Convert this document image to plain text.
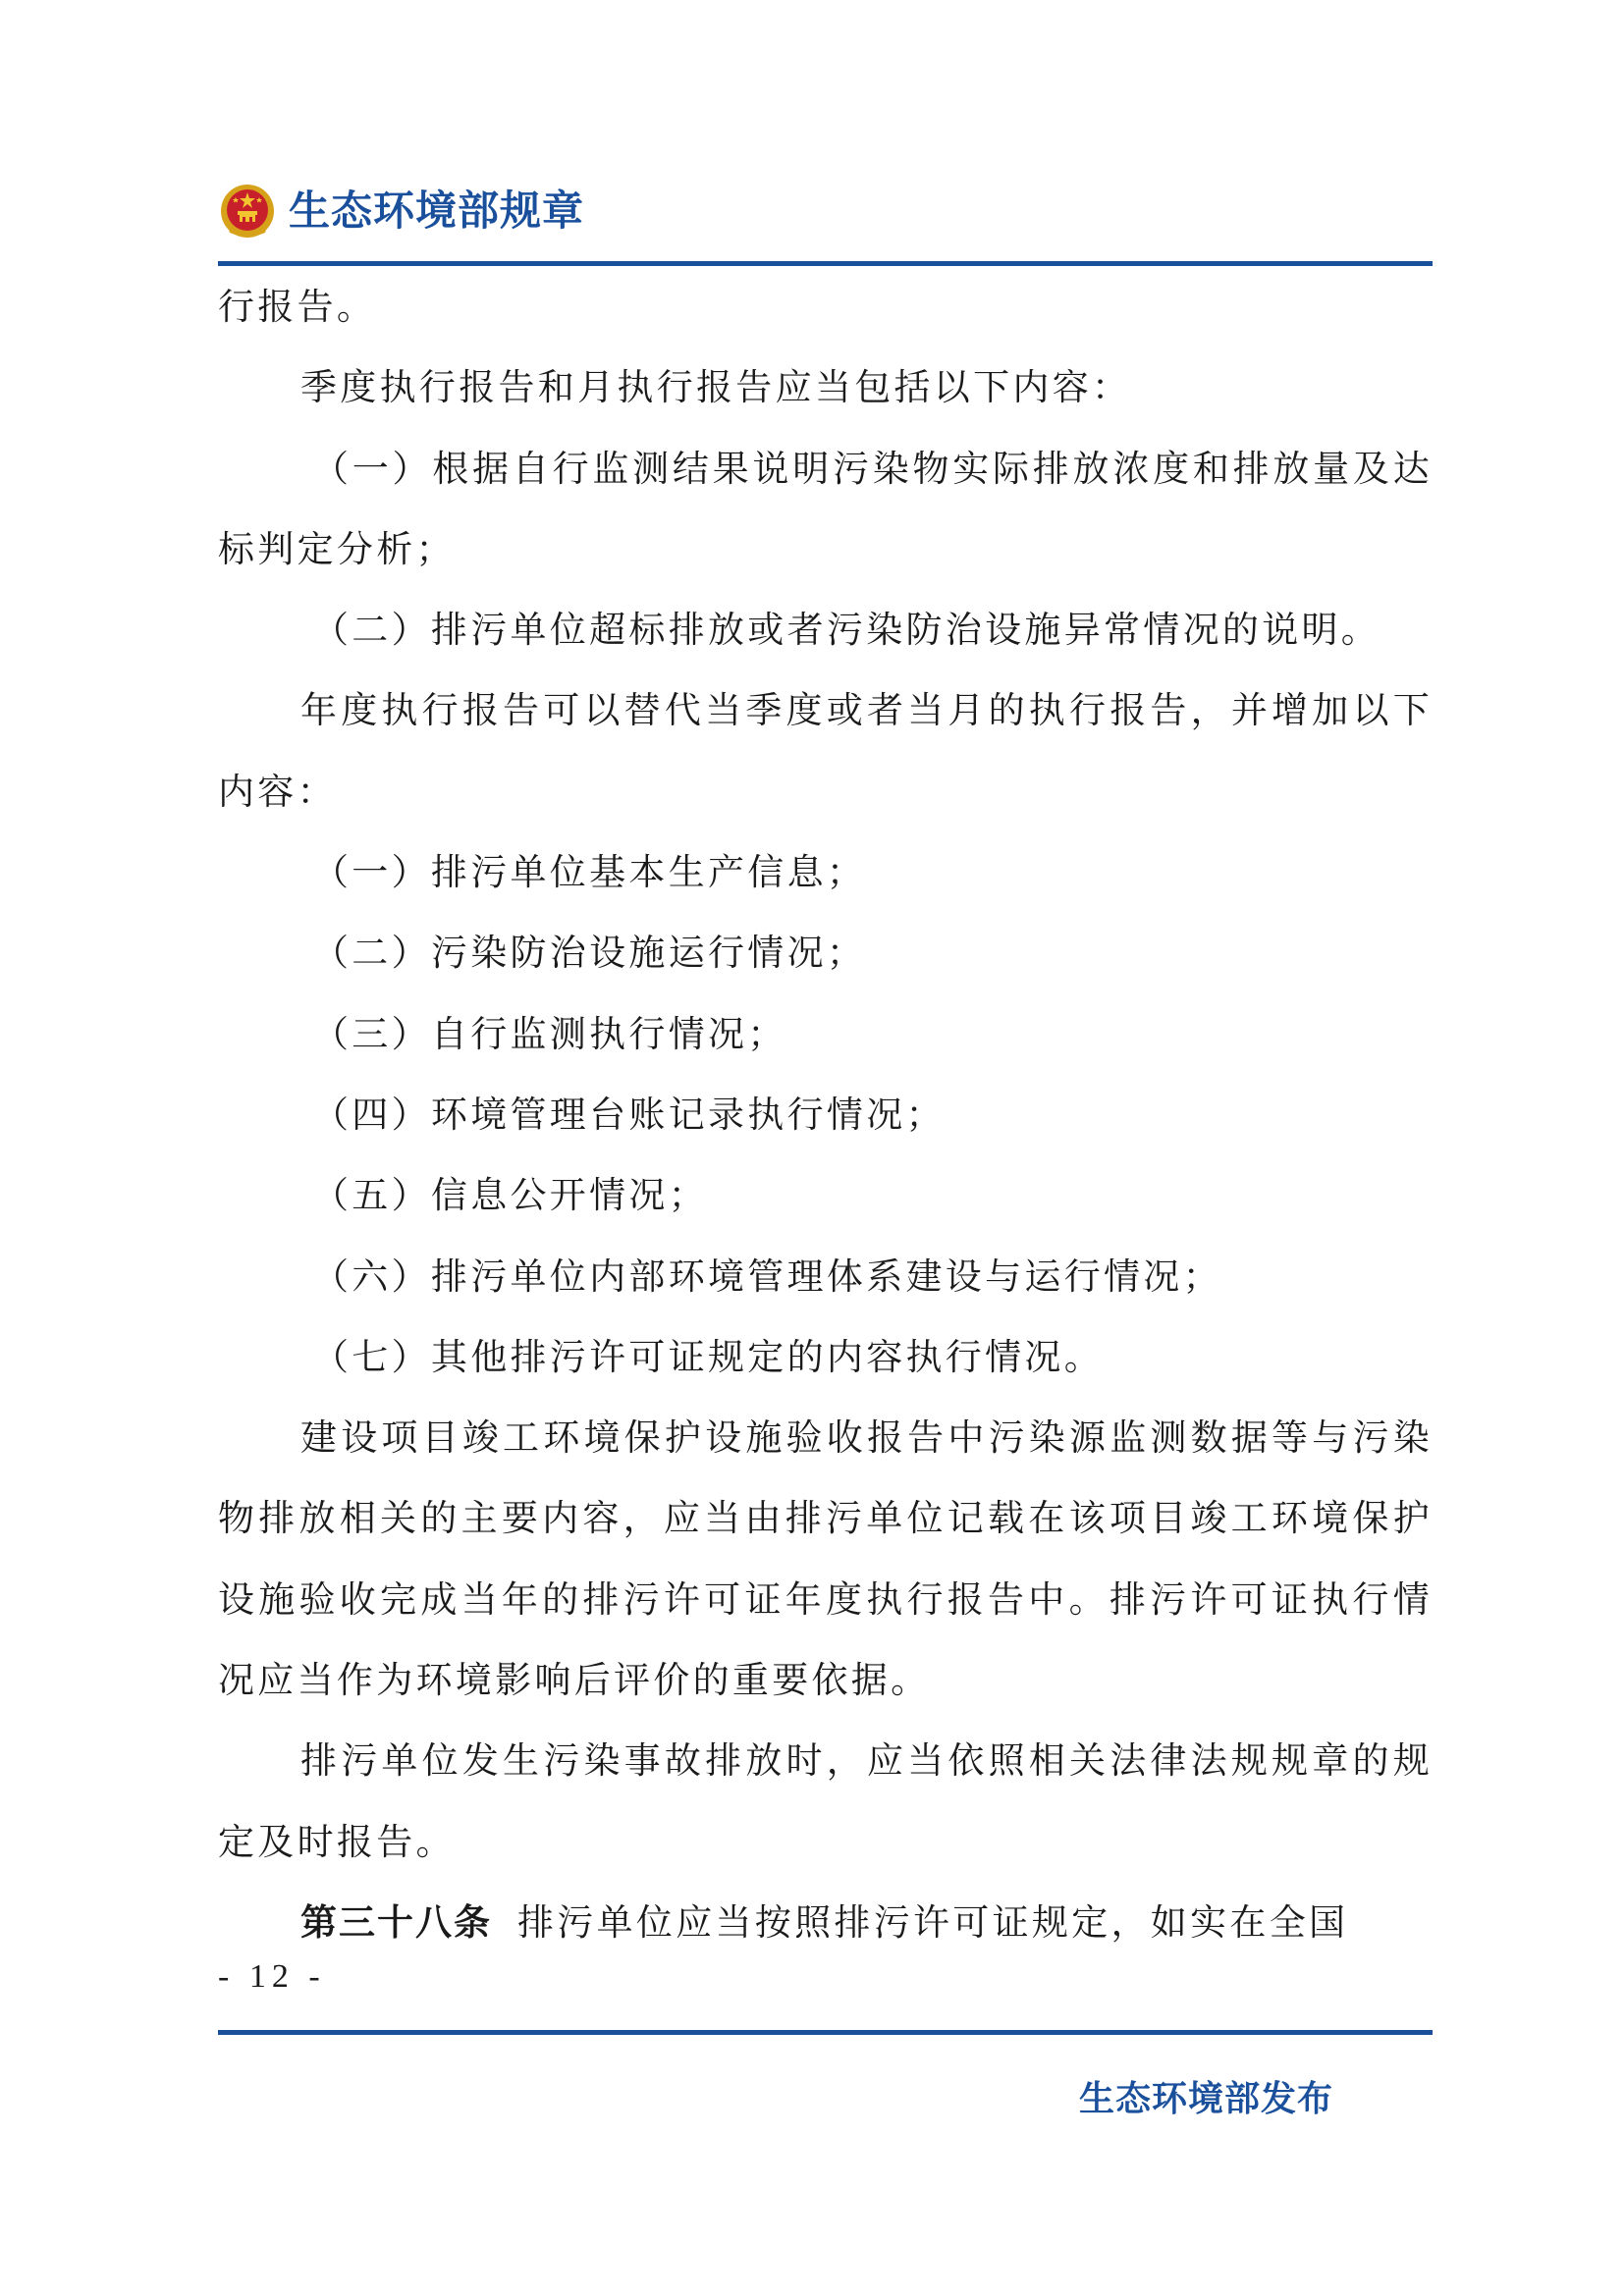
生态环境部规章

行报告。

季度执行报告和月执行报告应当包括以下内容：

（一）根据自行监测结果说明污染物实际排放浓度和排放量及达标判定分析；

（二）排污单位超标排放或者污染防治设施异常情况的说明。

年度执行报告可以替代当季度或者当月的执行报告，并增加以下内容：

（一）排污单位基本生产信息；

（二）污染防治设施运行情况；

（三）自行监测执行情况；

（四）环境管理台账记录执行情况；

（五）信息公开情况；

（六）排污单位内部环境管理体系建设与运行情况；

（七）其他排污许可证规定的内容执行情况。

建设项目竣工环境保护设施验收报告中污染源监测数据等与污染物排放相关的主要内容，应当由排污单位记载在该项目竣工环境保护设施验收完成当年的排污许可证年度执行报告中。排污许可证执行情况应当作为环境影响后评价的重要依据。

排污单位发生污染事故排放时，应当依照相关法律法规规章的规定及时报告。

第三十八条 排污单位应当按照排污许可证规定，如实在全国

- 12 -
生态环境部发布
